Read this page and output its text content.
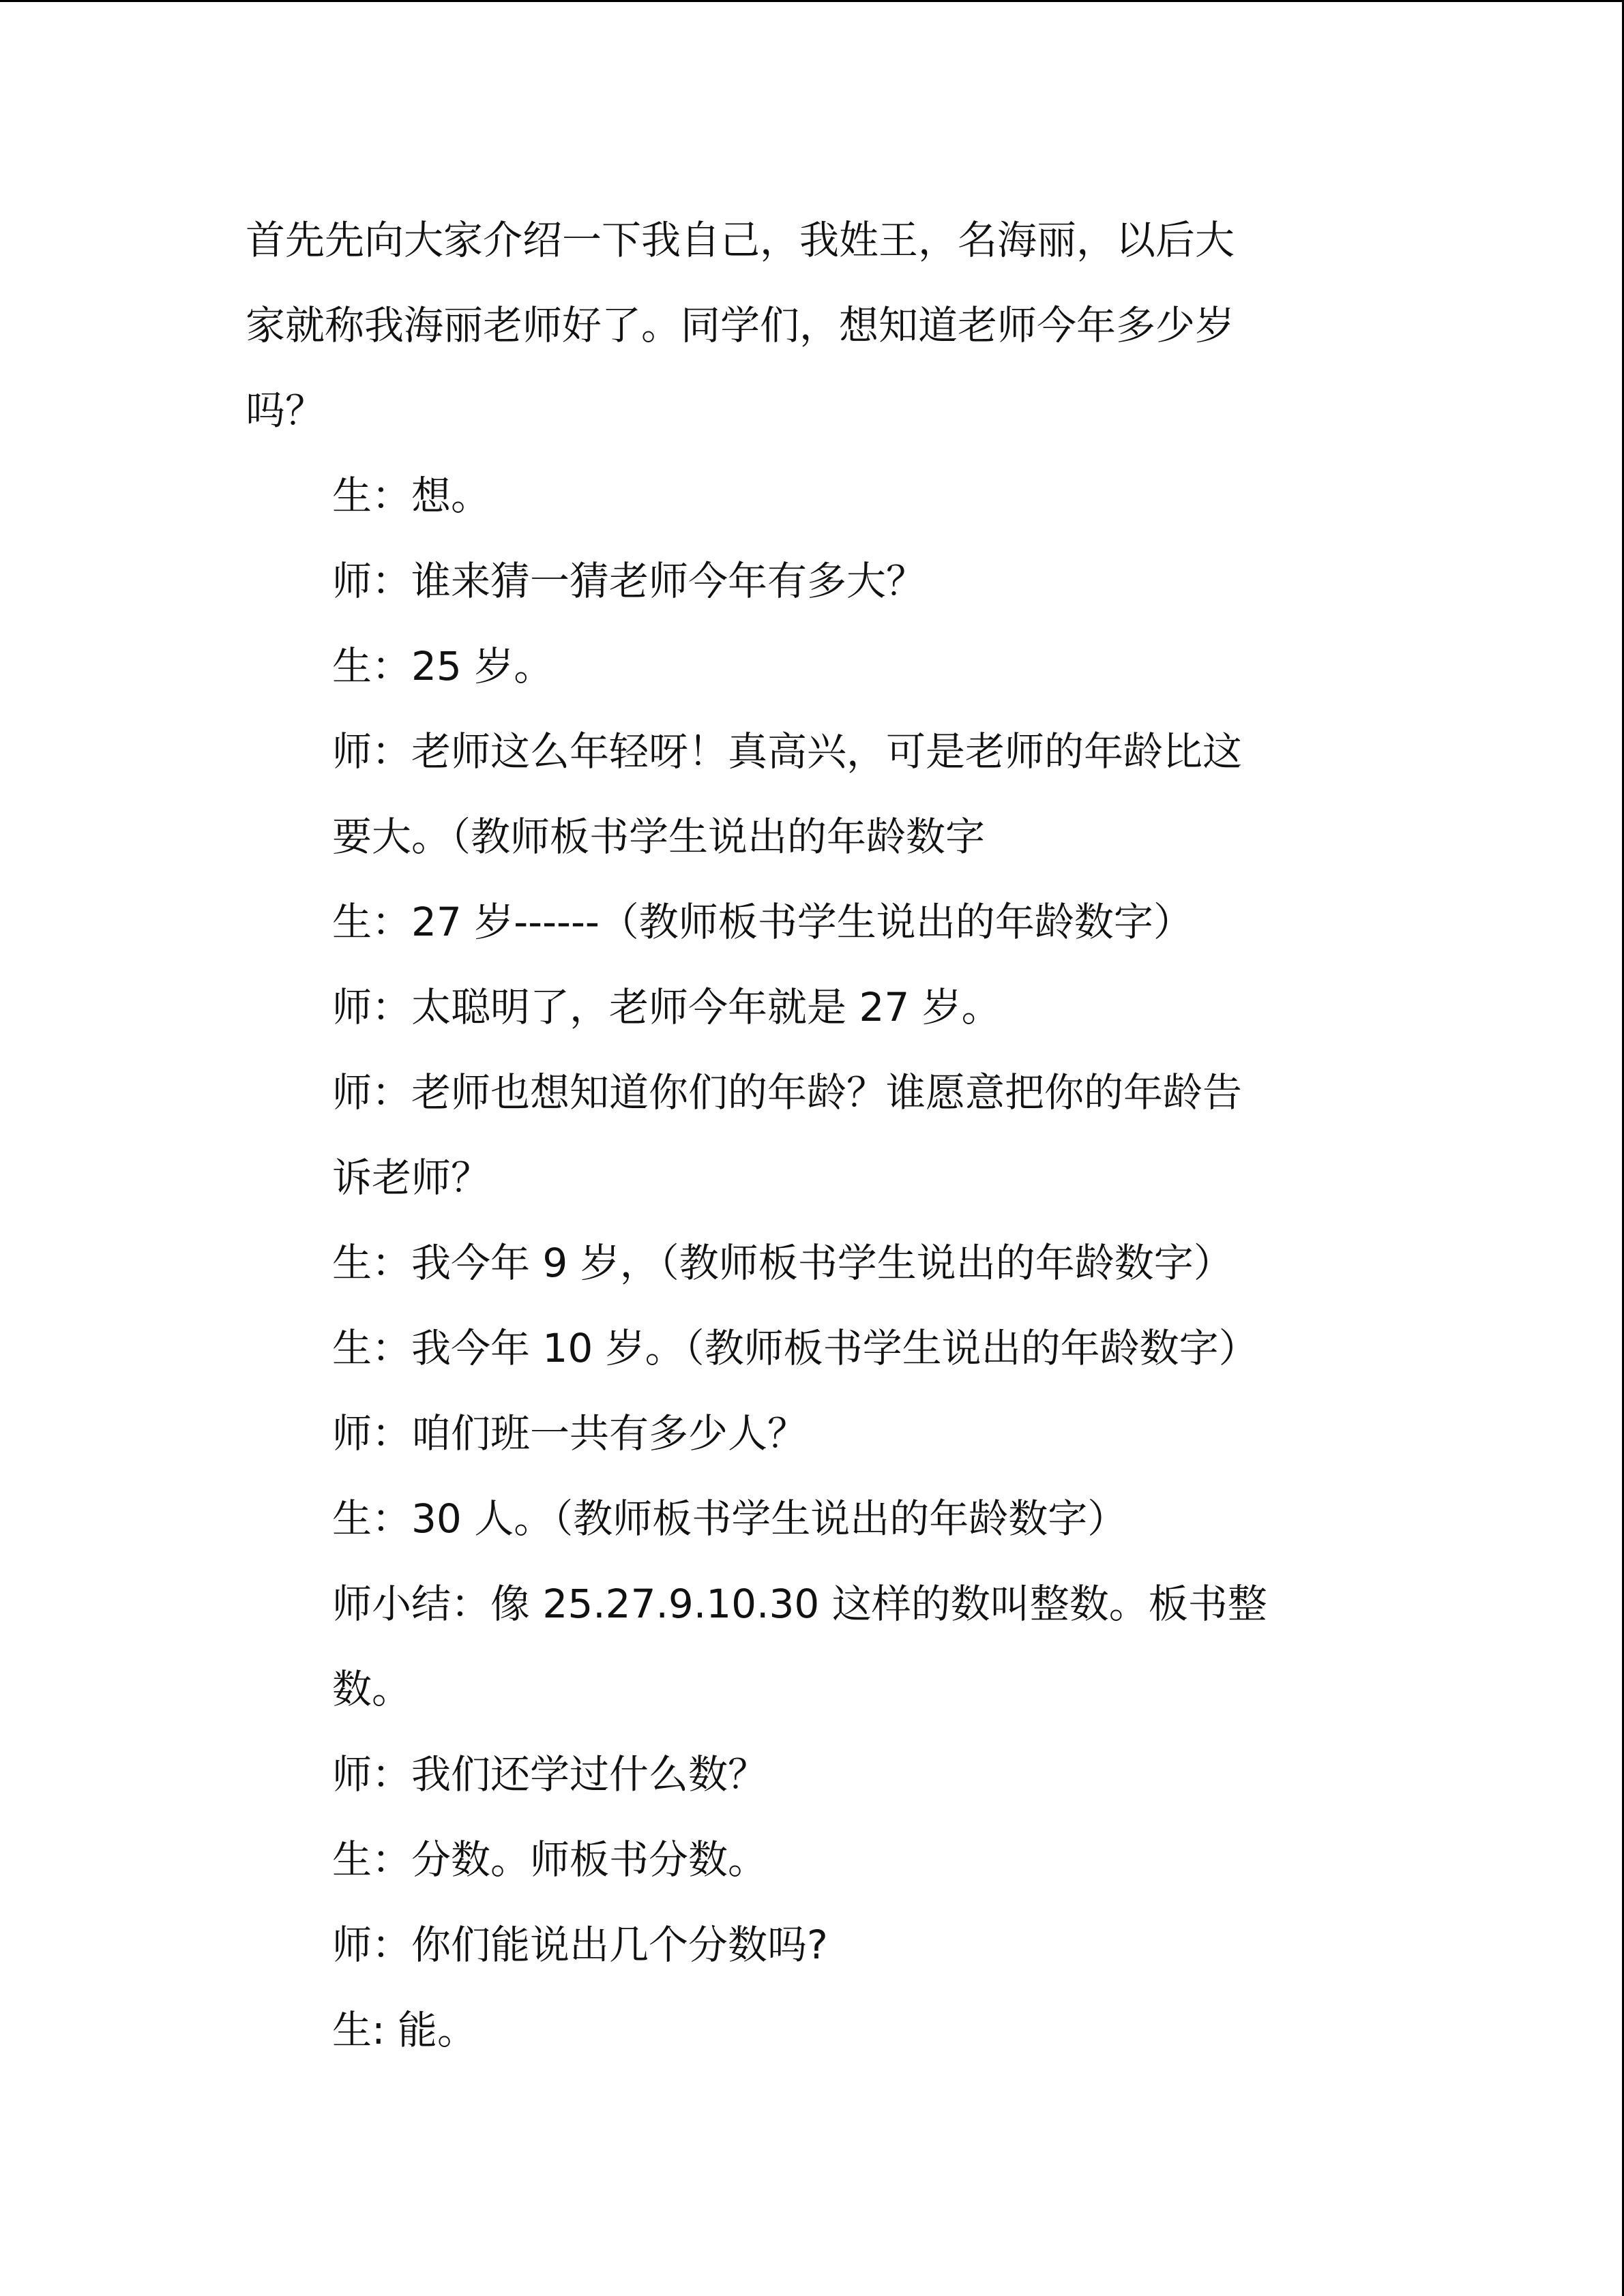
首先先向大家介绍一下我自己，我姓王，名海丽，以后大
家就称我海丽老师好了。同学们，想知道老师今年多少岁
吗？
生：想。
师：谁来猜一猜老师今年有多大？
生：25 岁。
师：老师这么年轻呀！真高兴，可是老师的年龄比这
要大。（教师板书学生说出的年龄数字
生：27 岁------（教师板书学生说出的年龄数字）
师：太聪明了，老师今年就是 27 岁。
师：老师也想知道你们的年龄？谁愿意把你的年龄告
诉老师？
生：我今年 9 岁，（教师板书学生说出的年龄数字）
生：我今年 10 岁。（教师板书学生说出的年龄数字）
师：咱们班一共有多少人？
生：30 人。（教师板书学生说出的年龄数字）
师小结：像 25.27.9.10.30 这样的数叫整数。板书整
数。
师：我们还学过什么数？
生：分数。师板书分数。
师：你们能说出几个分数吗?
生: 能。
